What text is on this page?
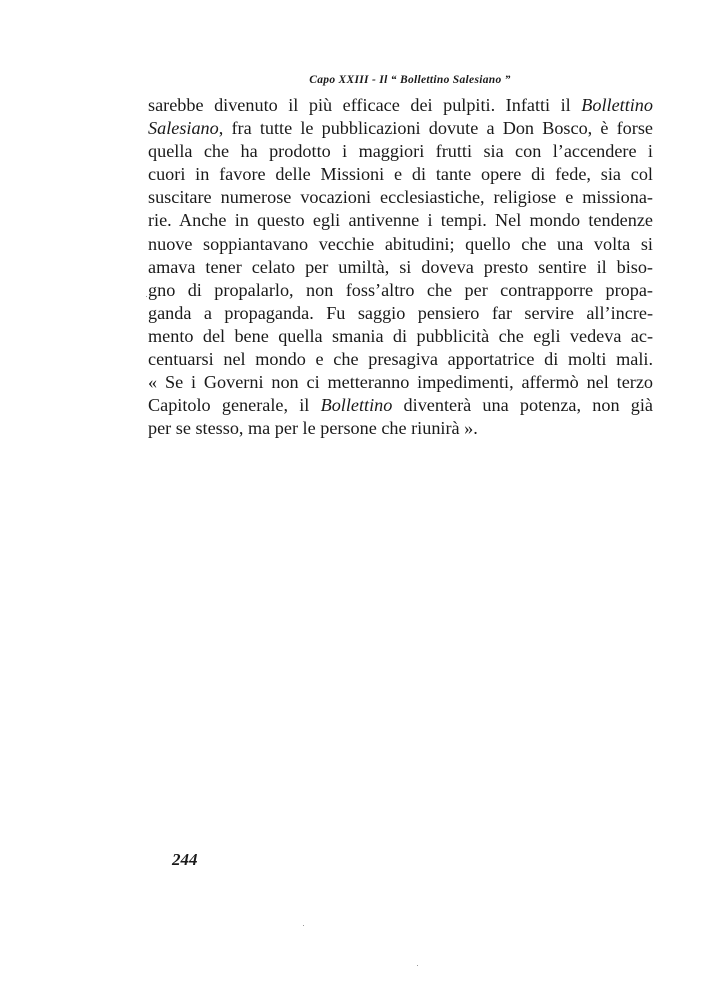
Capo XXIII - Il “ Bollettino Salesiano ”
sarebbe divenuto il più efficace dei pulpiti. Infatti il Bollettino
Salesiano, fra tutte le pubblicazioni dovute a Don Bosco, è forse
quella che ha prodotto i maggiori frutti sia con l’accendere i
cuori in favore delle Missioni e di tante opere di fede, sia col
suscitare numerose vocazioni ecclesiastiche, religiose e missiona-
rie. Anche in questo egli antivenne i tempi. Nel mondo tendenze
nuove soppiantavano vecchie abitudini; quello che una volta si
amava tener celato per umiltà, si doveva presto sentire il biso-
gno di propalarlo, non foss’altro che per contrapporre propa-
ganda a propaganda. Fu saggio pensiero far servire all’incre-
mento del bene quella smania di pubblicità che egli vedeva ac-
centuarsi nel mondo e che presagiva apportatrice di molti mali.
« Se i Governi non ci metteranno impedimenti, affermò nel terzo
Capitolo generale, il Bollettino diventerà una potenza, non già
per se stesso, ma per le persone che riunirà ».
244
